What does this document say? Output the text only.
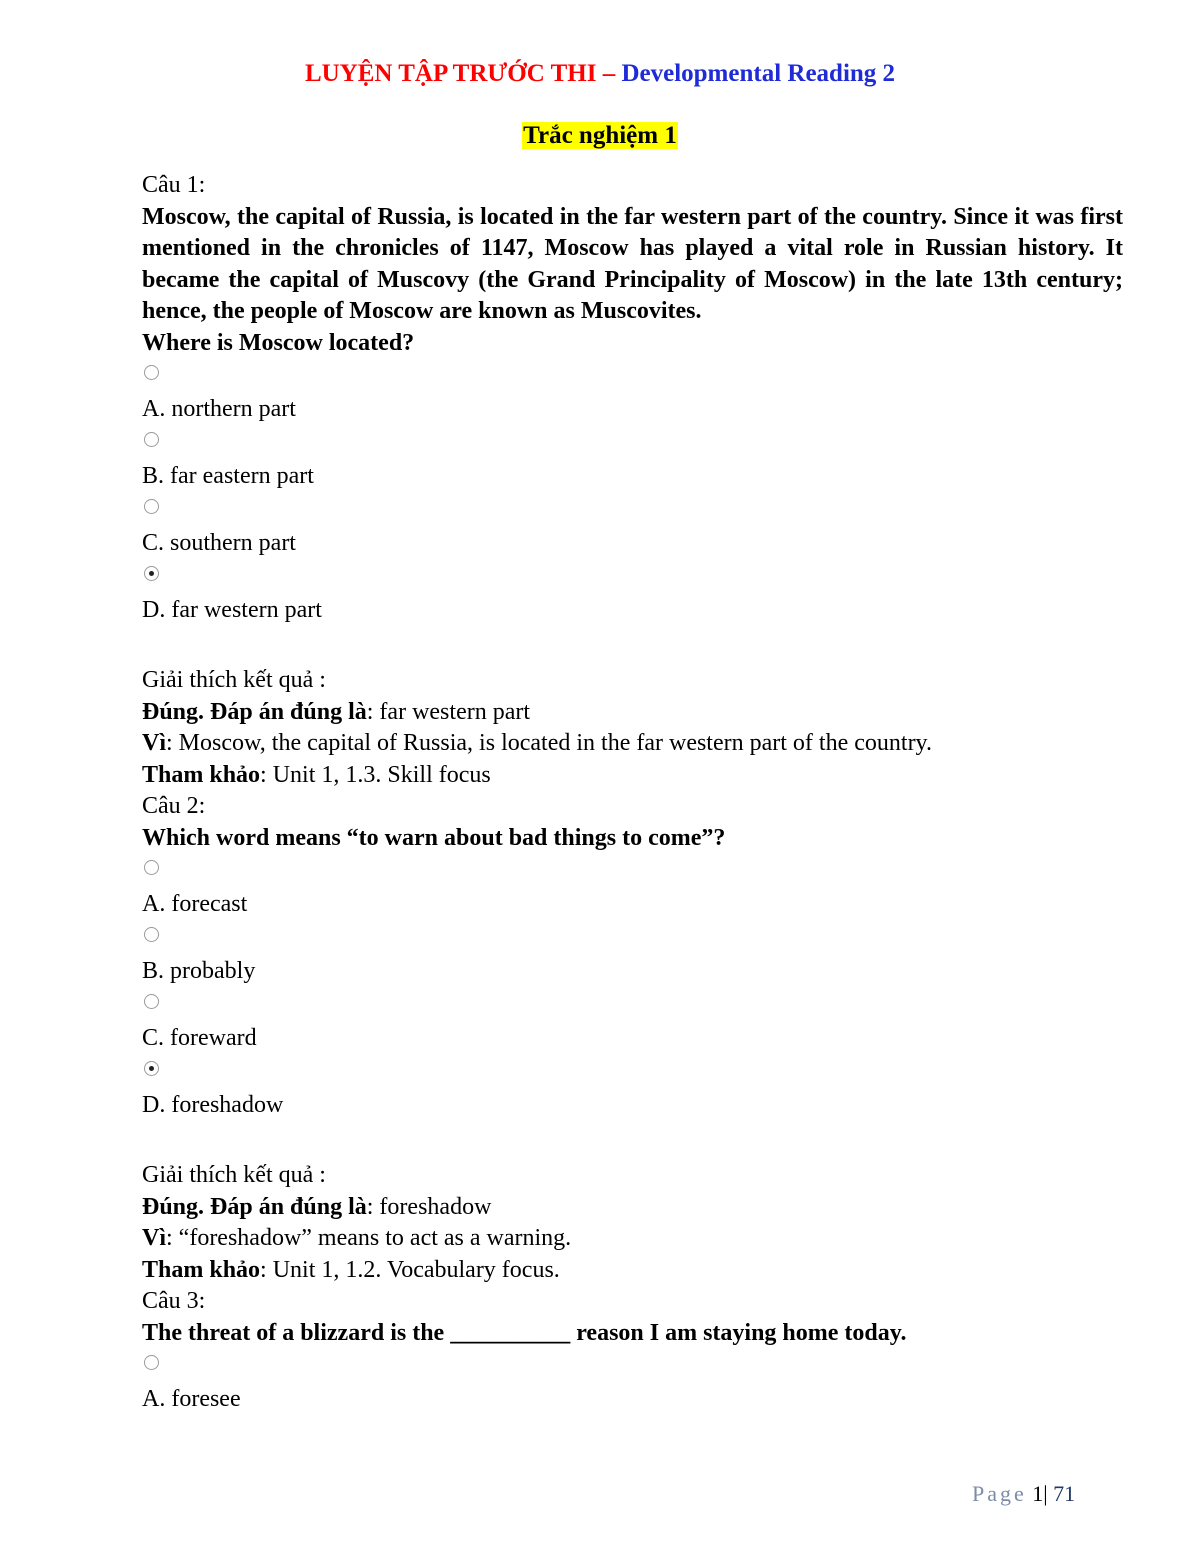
LUYỆN TẬP TRƯỚC THI – Developmental Reading 2
Trắc nghiệm 1
Câu 1:
Moscow, the capital of Russia, is located in the far western part of the country. Since it was first mentioned in the chronicles of 1147, Moscow has played a vital role in Russian history. It became the capital of Muscovy (the Grand Principality of Moscow) in the late 13th century; hence, the people of Moscow are known as Muscovites.
Where is Moscow located?
A. northern part
B. far eastern part
C. southern part
D. far western part
Giải thích kết quả :
Đúng. Đáp án đúng là: far western part
Vì: Moscow, the capital of Russia, is located in the far western part of the country.
Tham khảo: Unit 1, 1.3. Skill focus
Câu 2:
Which word means “to warn about bad things to come”?
A. forecast
B. probably
C. foreward
D. foreshadow
Giải thích kết quả :
Đúng. Đáp án đúng là: foreshadow
Vì: “foreshadow” means to act as a warning.
Tham khảo: Unit 1, 1.2. Vocabulary focus.
Câu 3:
The threat of a blizzard is the __________ reason I am staying home today.
A. foresee
Page 1| 71
